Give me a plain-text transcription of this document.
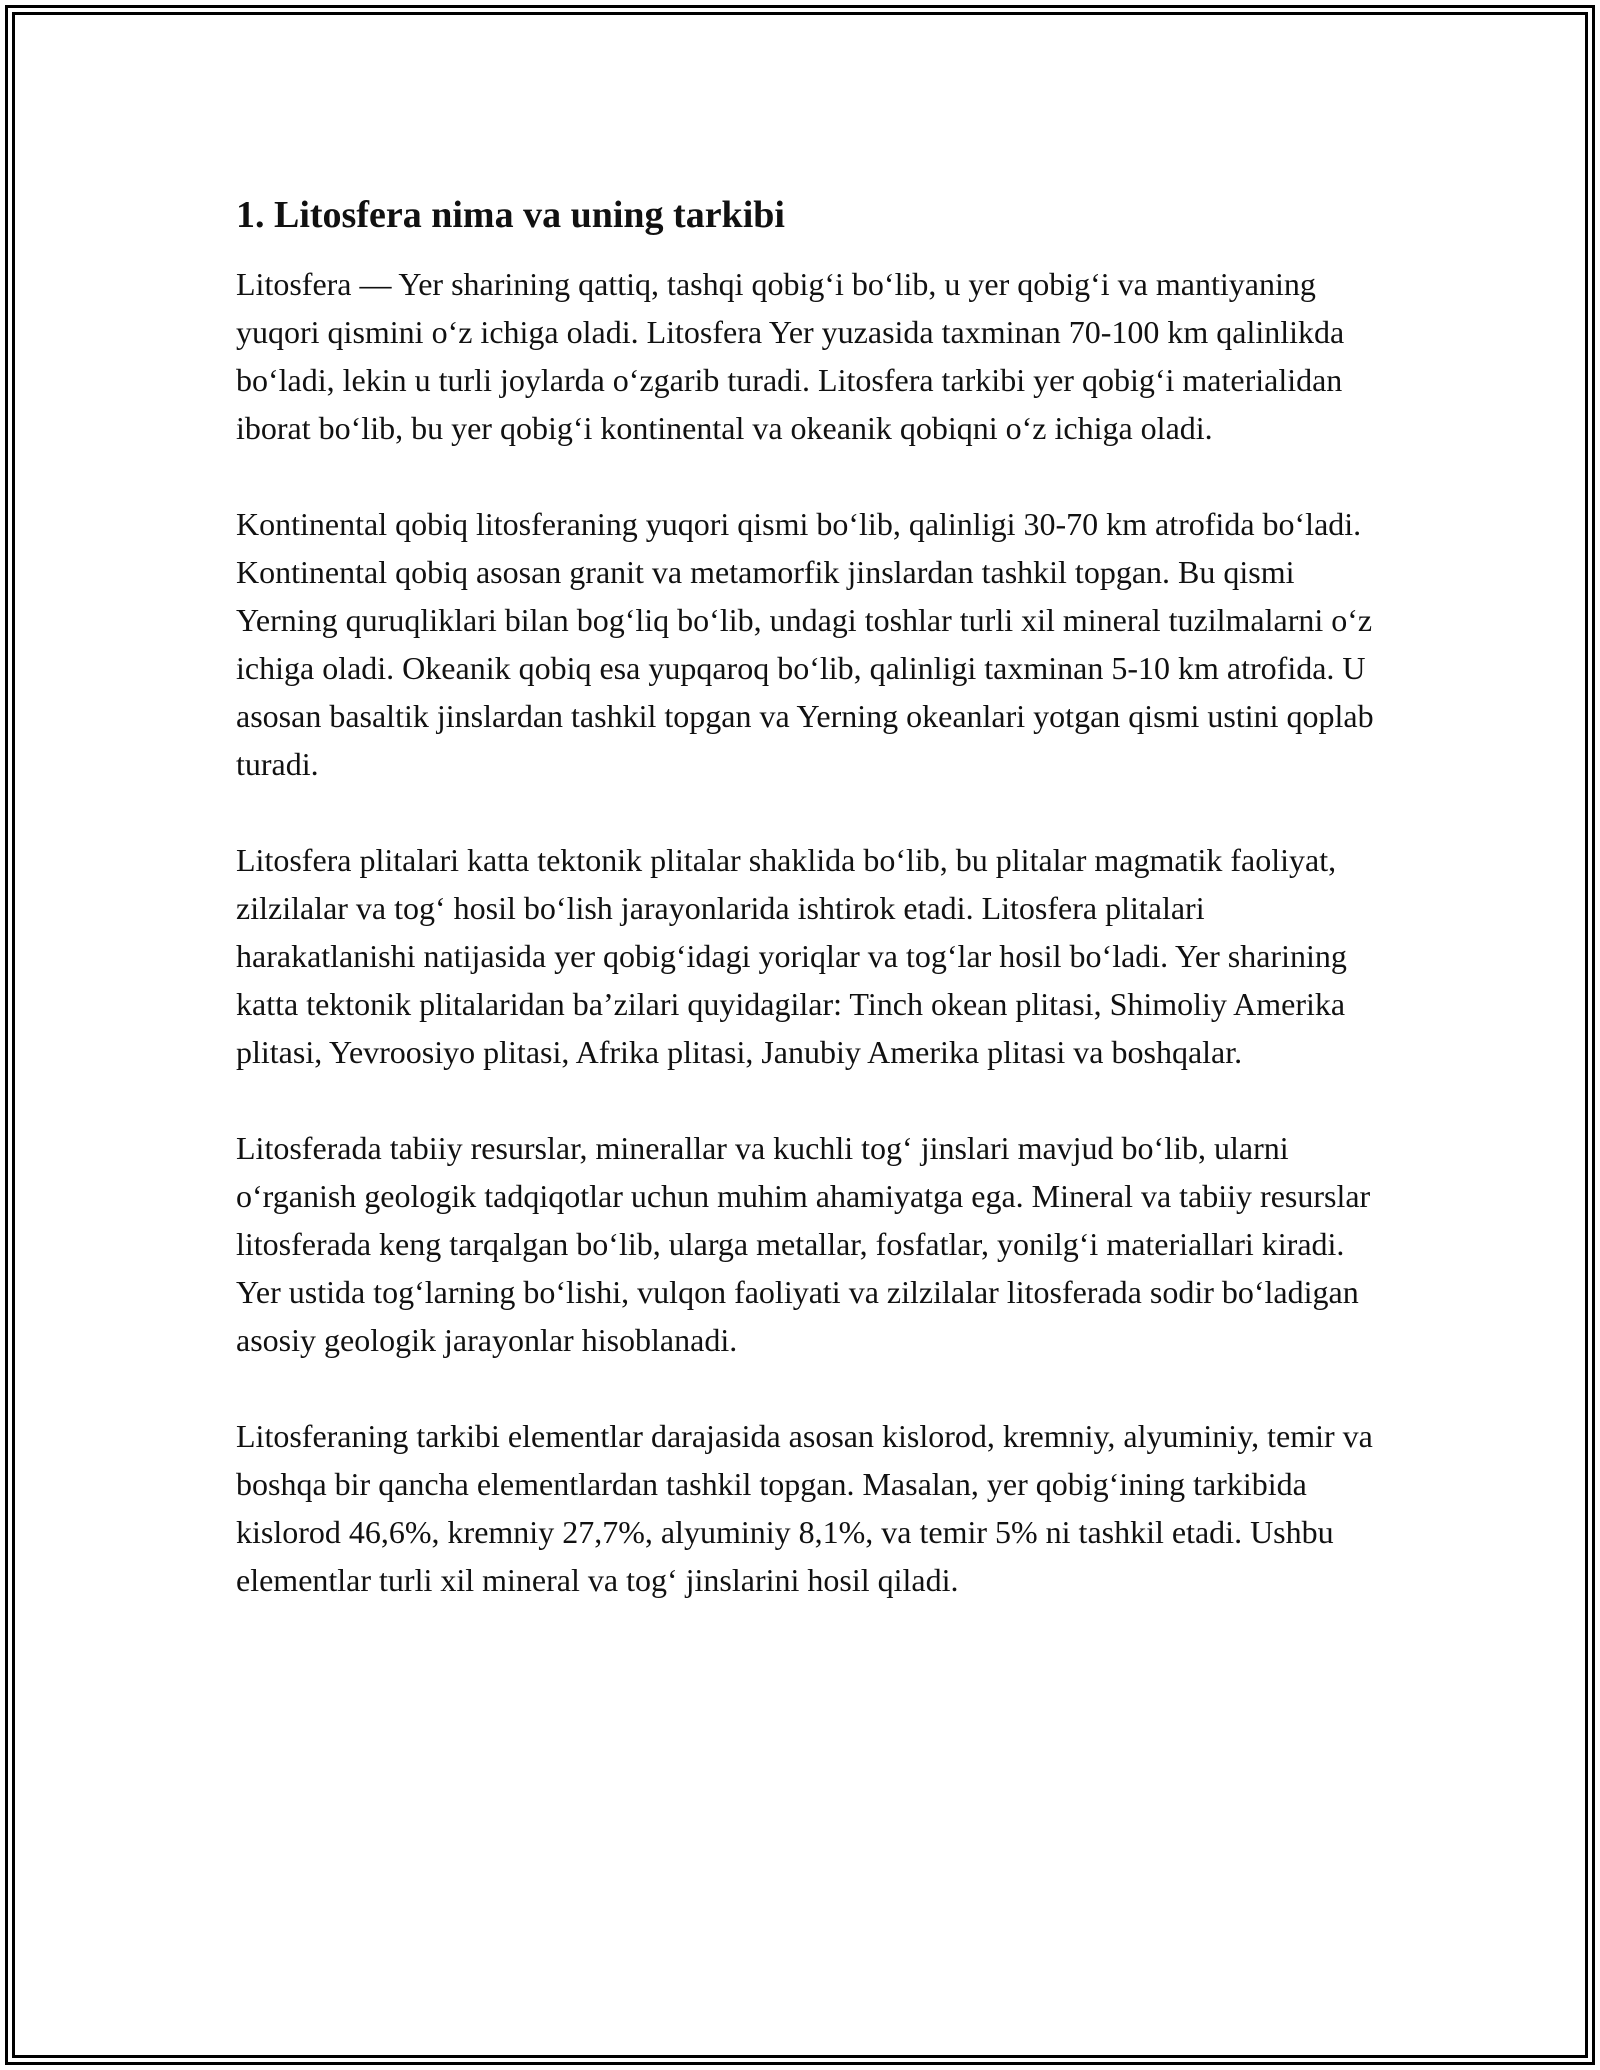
1. Litosfera nima va uning tarkibi

Litosfera — Yer sharining qattiq, tashqi qobig‘i bo‘lib, u yer qobig‘i va mantiyaning yuqori qismini o‘z ichiga oladi. Litosfera Yer yuzasida taxminan 70-100 km qalinlikda bo‘ladi, lekin u turli joylarda o‘zgarib turadi. Litosfera tarkibi yer qobig‘i materialidan iborat bo‘lib, bu yer qobig‘i kontinental va okeanik qobiqni o‘z ichiga oladi.

Kontinental qobiq litosferaning yuqori qismi bo‘lib, qalinligi 30-70 km atrofida bo‘ladi. Kontinental qobiq asosan granit va metamorfik jinslardan tashkil topgan. Bu qismi Yerning quruqliklari bilan bog‘liq bo‘lib, undagi toshlar turli xil mineral tuzilmalarni o‘z ichiga oladi. Okeanik qobiq esa yupqaroq bo‘lib, qalinligi taxminan 5-10 km atrofida. U asosan basaltik jinslardan tashkil topgan va Yerning okeanlari yotgan qismi ustini qoplab turadi.

Litosfera plitalari katta tektonik plitalar shaklida bo‘lib, bu plitalar magmatik faoliyat, zilzilalar va tog‘ hosil bo‘lish jarayonlarida ishtirok etadi. Litosfera plitalari harakatlanishi natijasida yer qobig‘idagi yoriqlar va tog‘lar hosil bo‘ladi. Yer sharining katta tektonik plitalaridan ba’zilari quyidagilar: Tinch okean plitasi, Shimoliy Amerika plitasi, Yevroosiyo plitasi, Afrika plitasi, Janubiy Amerika plitasi va boshqalar.

Litosferada tabiiy resurslar, minerallar va kuchli tog‘ jinslari mavjud bo‘lib, ularni o‘rganish geologik tadqiqotlar uchun muhim ahamiyatga ega. Mineral va tabiiy resurslar litosferada keng tarqalgan bo‘lib, ularga metallar, fosfatlar, yonilg‘i materiallari kiradi. Yer ustida tog‘larning bo‘lishi, vulqon faoliyati va zilzilalar litosferada sodir bo‘ladigan asosiy geologik jarayonlar hisoblanadi.

Litosferaning tarkibi elementlar darajasida asosan kislorod, kremniy, alyuminiy, temir va boshqa bir qancha elementlardan tashkil topgan. Masalan, yer qobig‘ining tarkibida kislorod 46,6%, kremniy 27,7%, alyuminiy 8,1%, va temir 5% ni tashkil etadi. Ushbu elementlar turli xil mineral va tog‘ jinslarini hosil qiladi.
